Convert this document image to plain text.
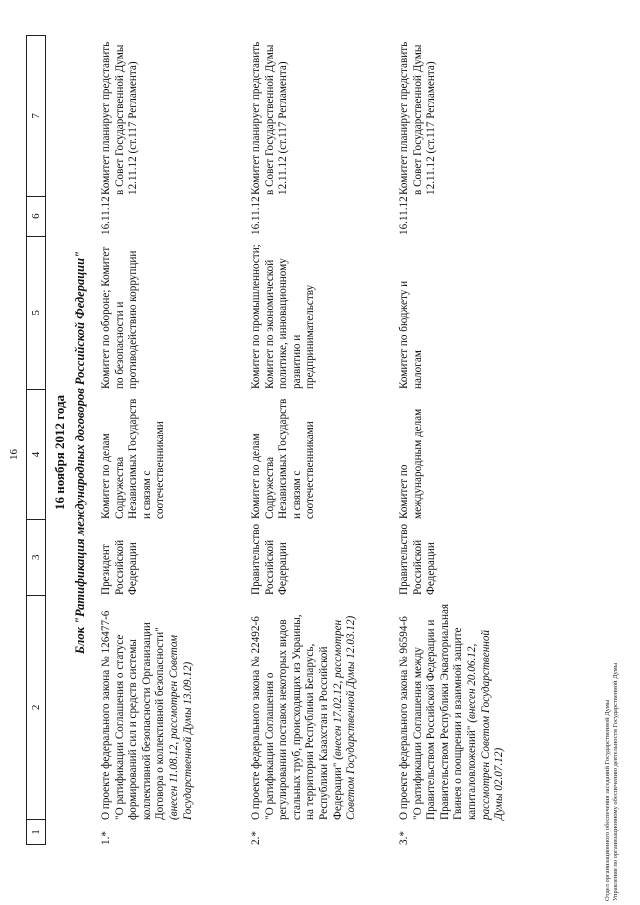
16
1
2
3
4
5
6
7
16 ноября 2012 года Блок "Ратификация международных договоров Российской Федерации"
1.*
О проекте федерального закона № 126477-6 "О ратификации Соглашения о статусе формирований сил и средств системы коллективной безопасности Организации Договора о коллективной безопасности" (внесен 11.08.12, рассмотрен Советом Государственной Думы 13.09.12)
Президент Российской Федерации
Комитет по делам Содружества Независимых Государств и связям с соотечественниками
Комитет по обороне; Комитет по безопасности и противодействию коррупции
16.11.12
Комитет планирует представить в Совет Государственной Думы 12.11.12 (ст.117 Регламента)
2.*
О проекте федерального закона № 22492-6 "О ратификации Соглашения о регулировании поставок некоторых видов стальных труб, происходящих из Украины, на территории Республики Беларусь, Республики Казахстан и Российской Федерации" (внесен 17.02.12, рассмотрен Советом Государственной Думы 12.03.12)
Правительство Российской Федерации
Комитет по делам Содружества Независимых Государств и связям с соотечественниками
Комитет по промышленности; Комитет по экономической политике, инновационному развитию и предпринимательству
16.11.12
Комитет планирует представить в Совет Государственной Думы 12.11.12 (ст.117 Регламента)
3.*
О проекте федерального закона № 96594-6 "О ратификации Соглашения между Правительством Российской Федерации и Правительством Республики Экваториальная Гвинея о поощрении и взаимной защите капиталовложений" (внесен 20.06.12, рассмотрен Советом Государственной Думы 02.07.12)
Правительство Российской Федерации
Комитет по международным делам
Комитет по бюджету и налогам
16.11.12
Комитет планирует представить в Совет Государственной Думы 12.11.12 (ст.117 Регламента)
Отдел организационного обеспечения заседаний Государственной Думы Управления по организационному обеспечению деятельности Государственной Думы
